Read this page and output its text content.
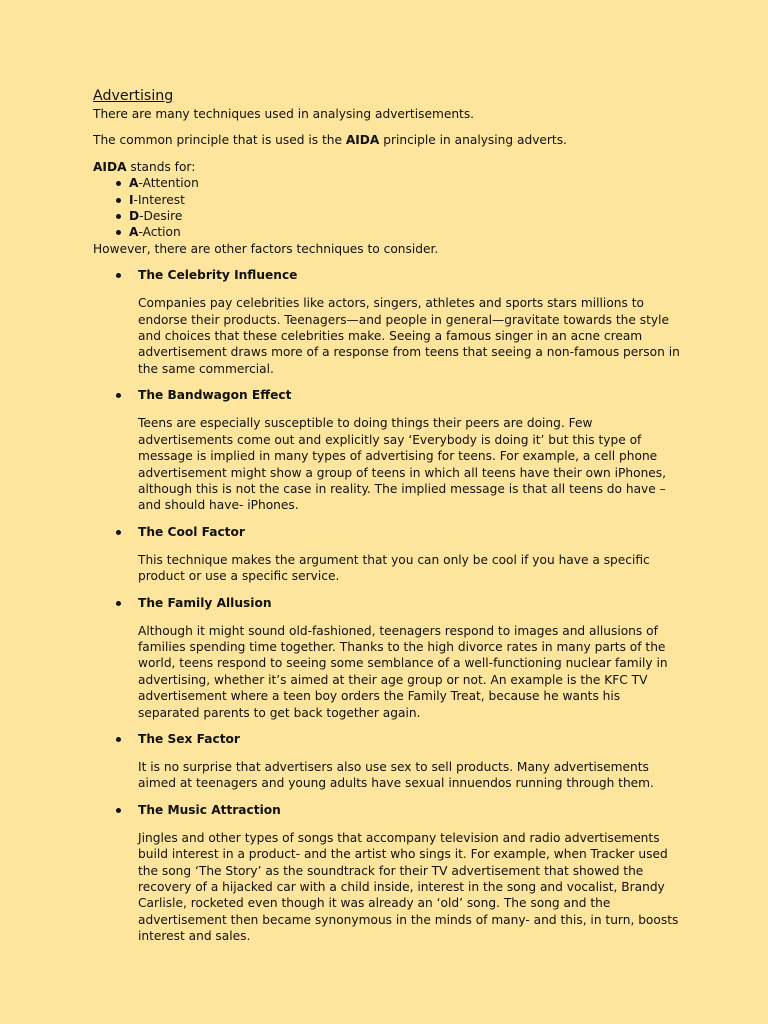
Advertising

There are many techniques used in analysing advertisements.

The common principle that is used is the AIDA principle in analysing adverts.

AIDA stands for:

A-Attention
I-Interest
D-Desire
A-Action

However, there are other factors techniques to consider.

The Celebrity Influence

Companies pay celebrities like actors, singers, athletes and sports stars millions to endorse their products. Teenagers—and people in general—gravitate towards the style and choices that these celebrities make. Seeing a famous singer in an acne cream advertisement draws more of a response from teens that seeing a non-famous person in the same commercial.

The Bandwagon Effect

Teens are especially susceptible to doing things their peers are doing. Few advertisements come out and explicitly say ‘Everybody is doing it’ but this type of message is implied in many types of advertising for teens. For example, a cell phone advertisement might show a group of teens in which all teens have their own iPhones, although this is not the case in reality. The implied message is that all teens do have – and should have- iPhones.

The Cool Factor

This technique makes the argument that you can only be cool if you have a specific product or use a specific service.

The Family Allusion

Although it might sound old-fashioned, teenagers respond to images and allusions of families spending time together. Thanks to the high divorce rates in many parts of the world, teens respond to seeing some semblance of a well-functioning nuclear family in advertising, whether it’s aimed at their age group or not. An example is the KFC TV advertisement where a teen boy orders the Family Treat, because he wants his separated parents to get back together again.

The Sex Factor

It is no surprise that advertisers also use sex to sell products. Many advertisements aimed at teenagers and young adults have sexual innuendos running through them.

The Music Attraction

Jingles and other types of songs that accompany television and radio advertisements build interest in a product- and the artist who sings it. For example, when Tracker used the song ‘The Story’ as the soundtrack for their TV advertisement that showed the recovery of a hijacked car with a child inside, interest in the song and vocalist, Brandy Carlisle, rocketed even though it was already an ‘old’ song. The song and the advertisement then became synonymous in the minds of many- and this, in turn, boosts interest and sales.
